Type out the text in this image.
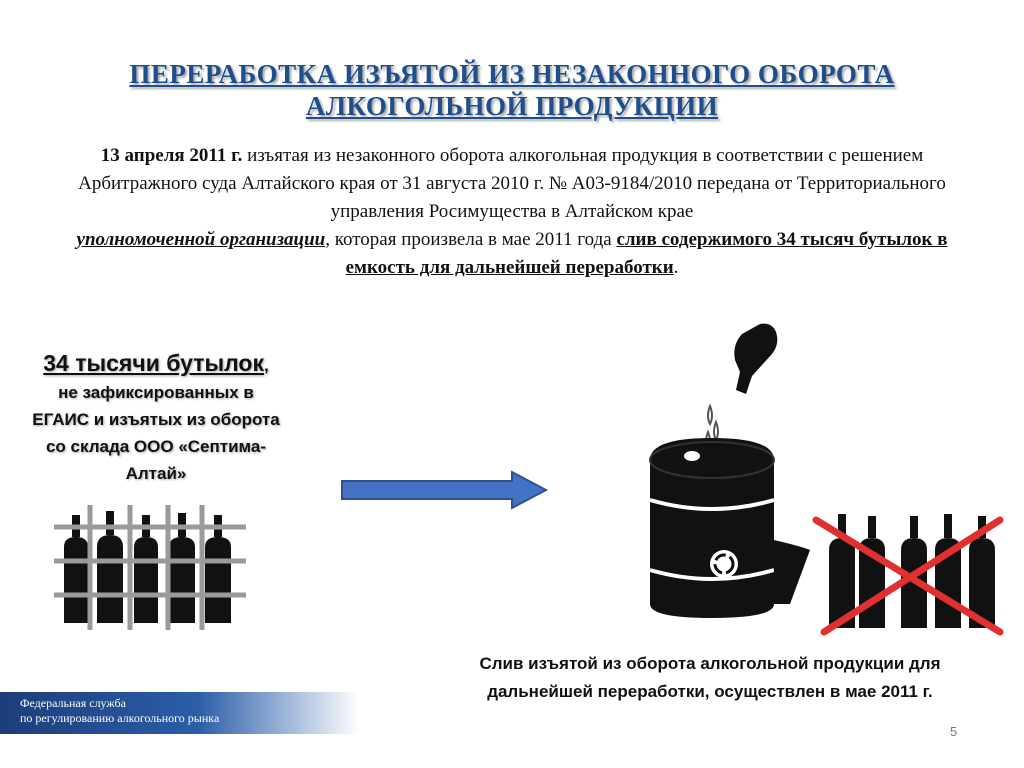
ПЕРЕРАБОТКА ИЗЪЯТОЙ ИЗ НЕЗАКОННОГО ОБОРОТА
АЛКОГОЛЬНОЙ ПРОДУКЦИИ
13 апреля 2011 г. изъятая из незаконного оборота алкогольная продукция в соответствии с решением Арбитражного суда Алтайского края от 31 августа 2010 г. № А03-9184/2010 передана от Территориального управления Росимущества в Алтайском крае
уполномоченной организации, которая произвела в мае 2011 года слив содержимого 34 тысяч бутылок в емкость для дальнейшей переработки.
34 тысячи бутылок,
не зафиксированных в ЕГАИС и изъятых из оборота со склада ООО «Септима-Алтай»
Слив изъятой из оборота алкогольной продукции для дальнейшей переработки, осуществлен в мае 2011 г.
Федеральная служба
по регулированию алкогольного рынка
5
